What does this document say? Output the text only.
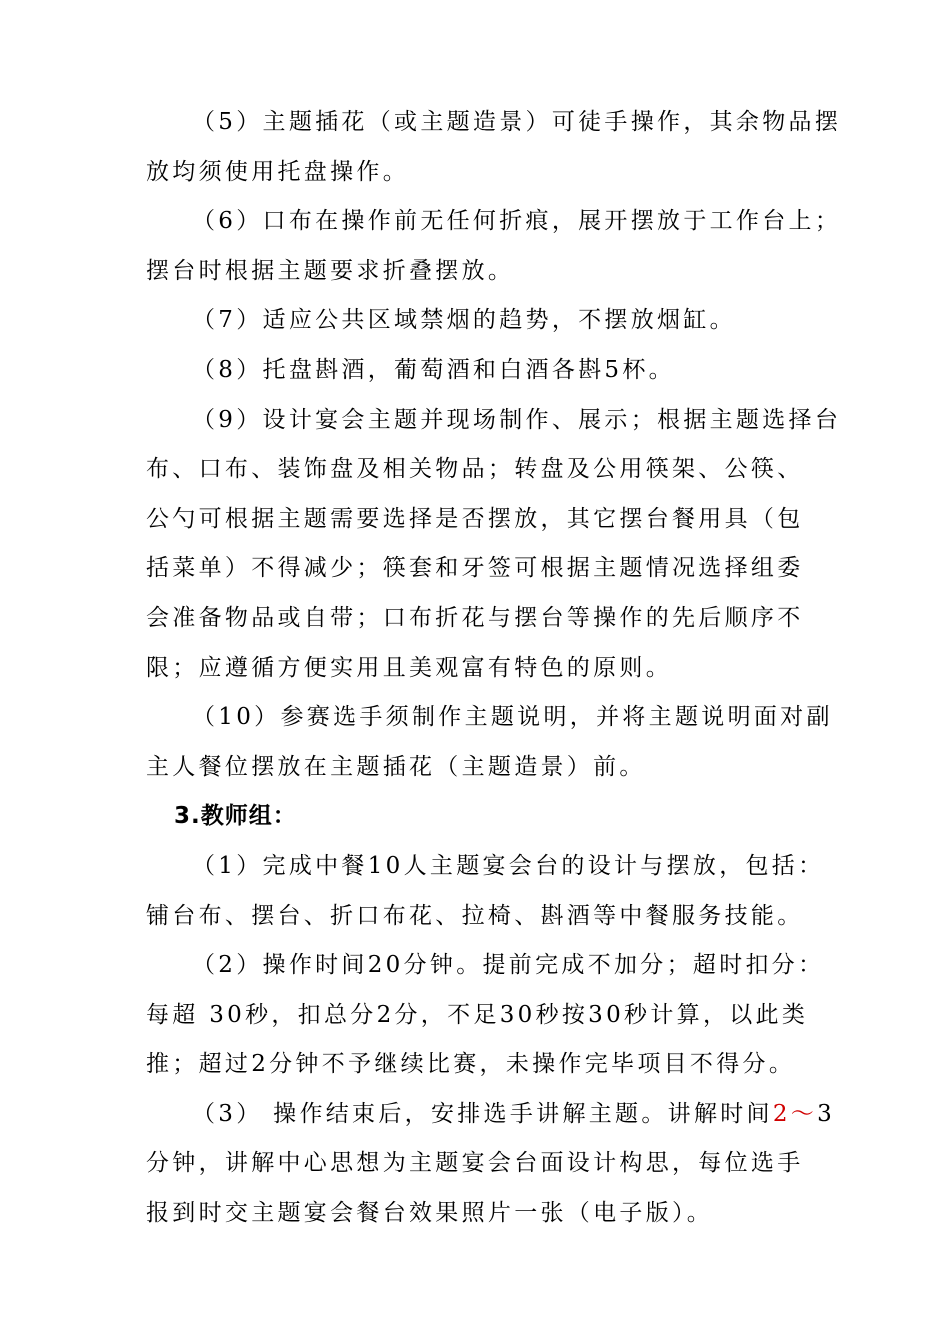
（5）主题插花（或主题造景）可徒手操作，其余物品摆
放均须使用托盘操作。
（6）口布在操作前无任何折痕，展开摆放于工作台上；
摆台时根据主题要求折叠摆放。
（7）适应公共区域禁烟的趋势，不摆放烟缸。
（8）托盘斟酒，葡萄酒和白酒各斟5杯。
（9）设计宴会主题并现场制作、展示；根据主题选择台
布、口布、装饰盘及相关物品；转盘及公用筷架、公筷、
公勺可根据主题需要选择是否摆放，其它摆台餐用具（包
括菜单）不得减少；筷套和牙签可根据主题情况选择组委
会准备物品或自带；口布折花与摆台等操作的先后顺序不
限；应遵循方便实用且美观富有特色的原则。
（10）参赛选手须制作主题说明，并将主题说明面对副
主人餐位摆放在主题插花（主题造景）前。
3.教师组：
（1）完成中餐10人主题宴会台的设计与摆放，包括：
铺台布、摆台、折口布花、拉椅、斟酒等中餐服务技能。
（2）操作时间20分钟。提前完成不加分；超时扣分：
每超 30秒，扣总分2分，不足30秒按30秒计算，以此类
推；超过2分钟不予继续比赛，未操作完毕项目不得分。
（3） 操作结束后，安排选手讲解主题。讲解时间2～3
分钟，讲解中心思想为主题宴会台面设计构思，每位选手
报到时交主题宴会餐台效果照片一张（电子版）。
